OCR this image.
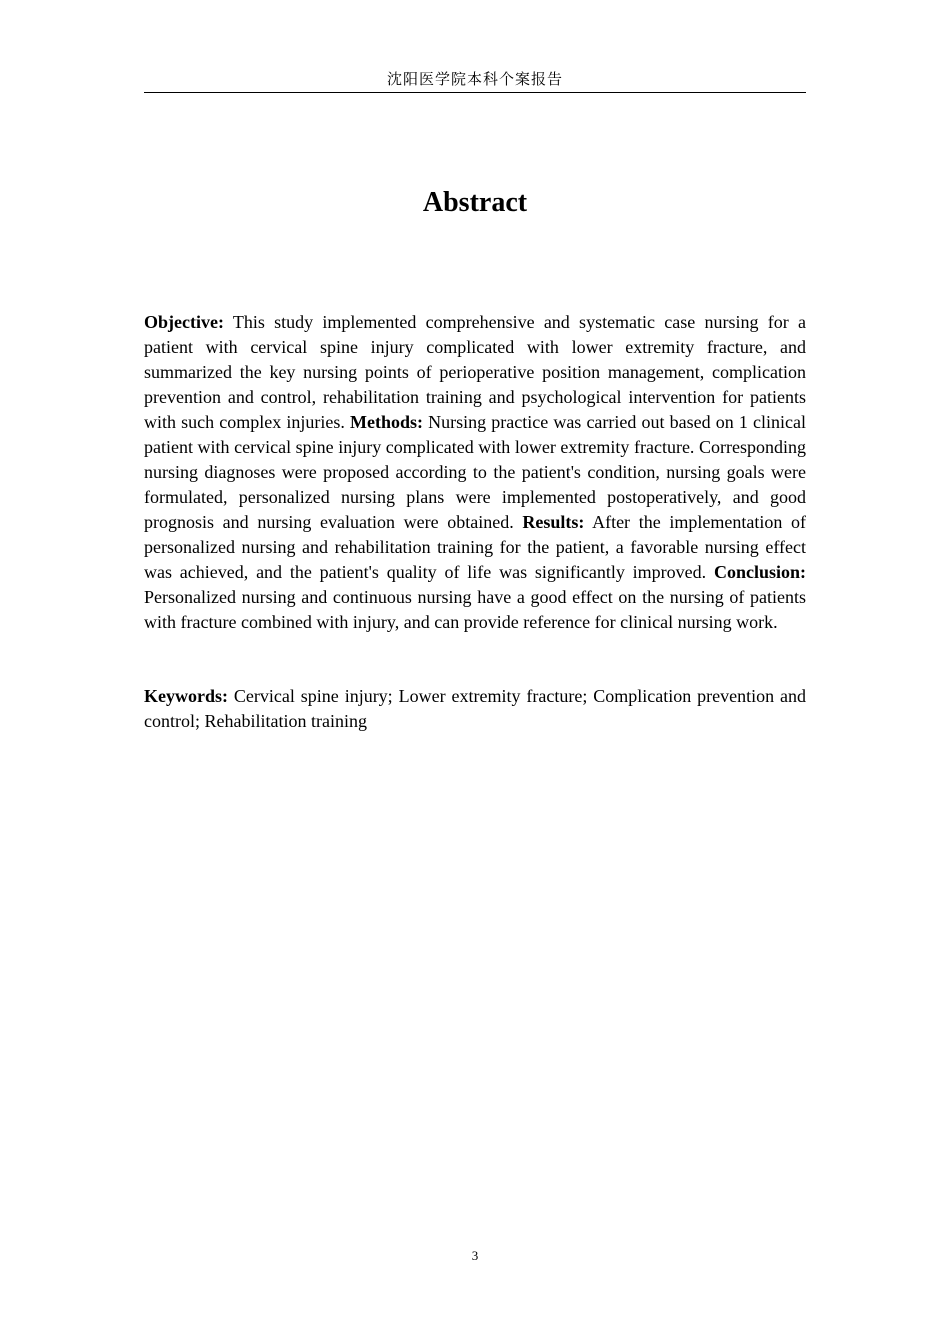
沈阳医学院本科个案报告
Abstract

Objective: This study implemented comprehensive and systematic case nursing for a patient with cervical spine injury complicated with lower extremity fracture, and summarized the key nursing points of perioperative position management, complication prevention and control, rehabilitation training and psychological intervention for patients with such complex injuries. Methods: Nursing practice was carried out based on 1 clinical patient with cervical spine injury complicated with lower extremity fracture. Corresponding nursing diagnoses were proposed according to the patient's condition, nursing goals were formulated, personalized nursing plans were implemented postoperatively, and good prognosis and nursing evaluation were obtained. Results: After the implementation of personalized nursing and rehabilitation training for the patient, a favorable nursing effect was achieved, and the patient's quality of life was significantly improved. Conclusion: Personalized nursing and continuous nursing have a good effect on the nursing of patients with fracture combined with injury, and can provide reference for clinical nursing work.

Keywords: Cervical spine injury; Lower extremity fracture; Complication prevention and control; Rehabilitation training

3
